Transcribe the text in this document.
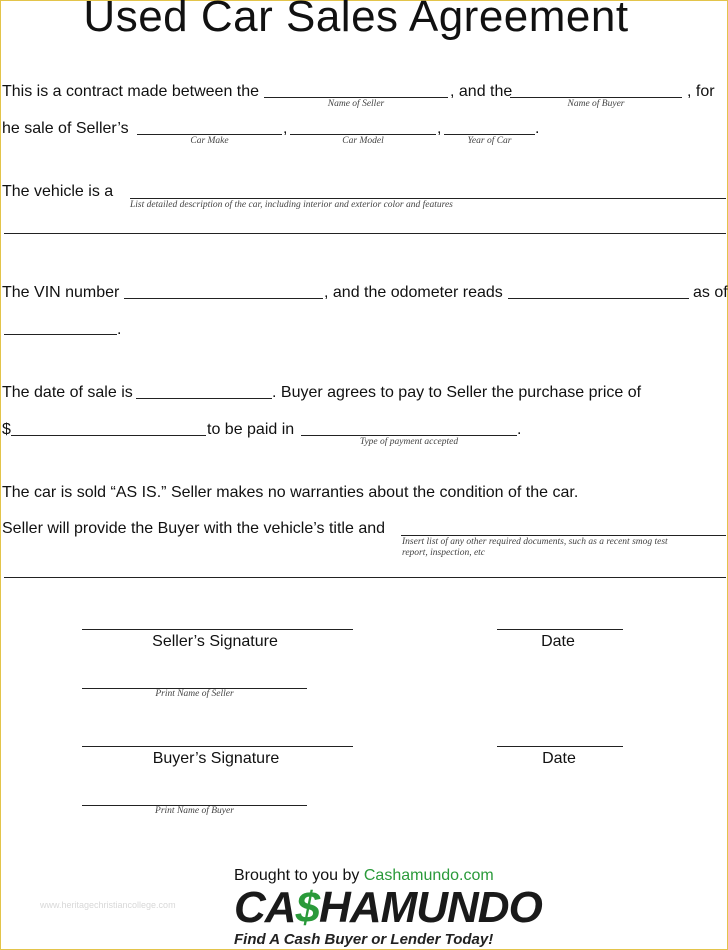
Used Car Sales Agreement
This is a contract made between the
Name of Seller
, and the
Name of Buyer
, for
he sale of Seller’s
Car Make
,
Car Model
,
Year of Car
.
The vehicle is a
List detailed description of the car, including interior and exterior color and features
The VIN number	, and the odometer reads	as of
.
The date of sale is	. Buyer agrees to pay to Seller the purchase price of
$	to be paid in
Type of payment accepted
.
The car is sold “AS IS.” Seller makes no warranties about the condition of the car.
Seller will provide the Buyer with the vehicle’s title and
Insert list of any other required documents, such as a recent smog test
report, inspection, etc
Seller’s Signature	Date
Print Name of Seller
Buyer’s Signature	Date
Print Name of Buyer
Brought to you by Cashamundo.com
www.heritagechristiancollege.com CA$HAMUNDO
Find A Cash Buyer or Lender Today!
